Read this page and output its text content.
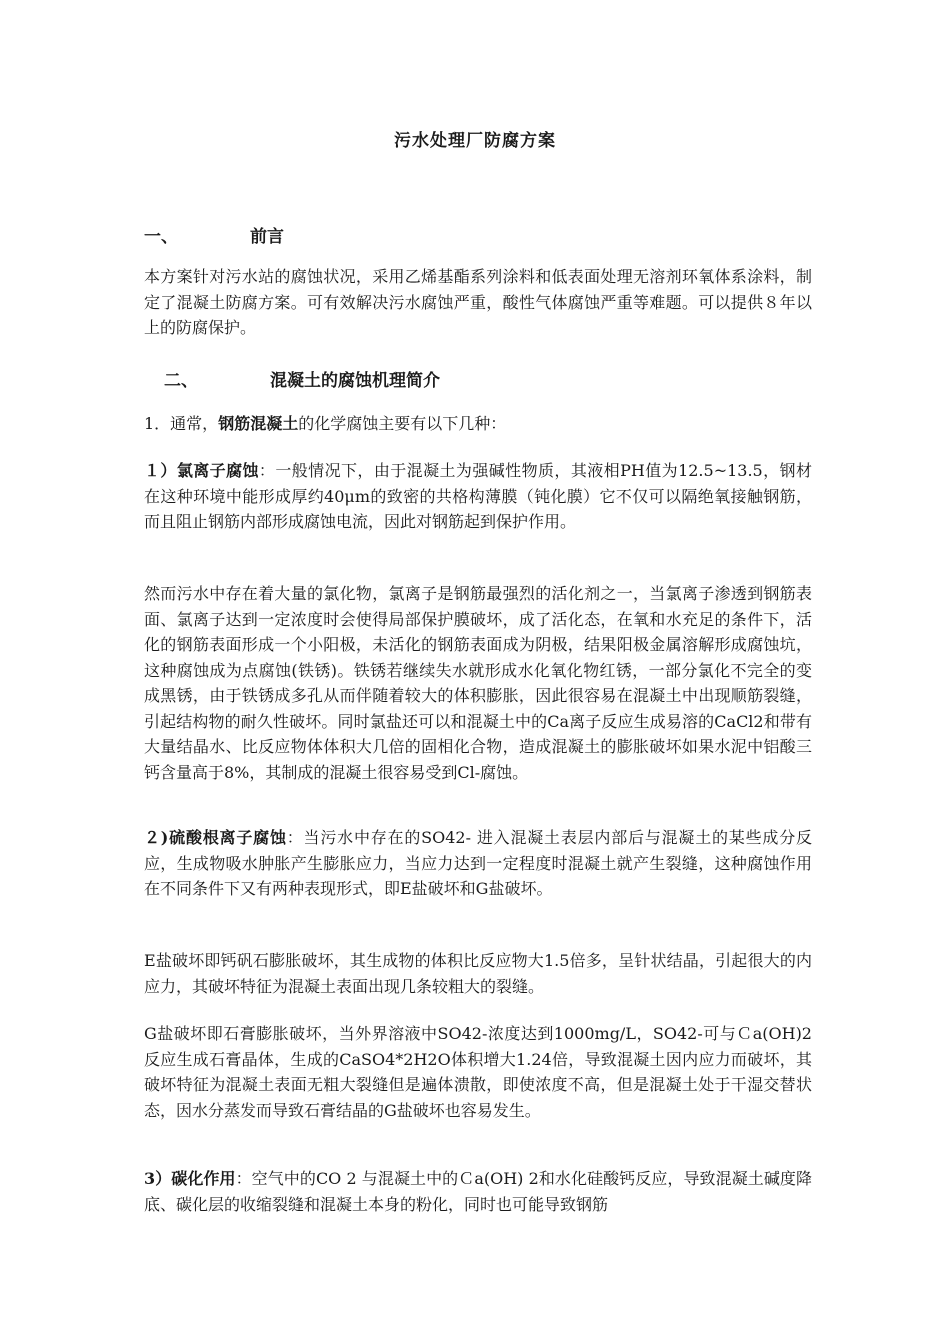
污水处理厂防腐方案
一、	前言
本方案针对污水站的腐蚀状况，采用乙烯基酯系列涂料和低表面处理无溶剂环氧体系涂料，制定了混凝土防腐方案。可有效解决污水腐蚀严重，酸性气体腐蚀严重等难题。可以提供８年以上的防腐保护。
二、	混凝土的腐蚀机理简介
1．通常，钢筋混凝土的化学腐蚀主要有以下几种：
１）氯离子腐蚀：一般情况下，由于混凝土为强碱性物质，其液相PH值为12.5~13.5，钢材在这种环境中能形成厚约40μm的致密的共格构薄膜（钝化膜）它不仅可以隔绝氧接触钢筋，而且阻止钢筋内部形成腐蚀电流，因此对钢筋起到保护作用。
然而污水中存在着大量的氯化物，氯离子是钢筋最强烈的活化剂之一，当氯离子渗透到钢筋表面、氯离子达到一定浓度时会使得局部保护膜破坏，成了活化态，在氧和水充足的条件下，活化的钢筋表面形成一个小阳极，未活化的钢筋表面成为阴极，结果阳极金属溶解形成腐蚀坑，这种腐蚀成为点腐蚀(铁锈)。铁锈若继续失水就形成水化氧化物红锈，一部分氯化不完全的变成黑锈，由于铁锈成多孔从而伴随着较大的体积膨胀，因此很容易在混凝土中出现顺筋裂缝，引起结构物的耐久性破坏。同时氯盐还可以和混凝土中的Ca离子反应生成易溶的CaCl2和带有大量结晶水、比反应物体体积大几倍的固相化合物，造成混凝土的膨胀破坏如果水泥中铝酸三钙含量高于8%，其制成的混凝土很容易受到Cl-腐蚀。
２)硫酸根离子腐蚀：当污水中存在的SO42- 进入混凝土表层内部后与混凝土的某些成分反应，生成物吸水肿胀产生膨胀应力，当应力达到一定程度时混凝土就产生裂缝，这种腐蚀作用在不同条件下又有两种表现形式，即E盐破坏和G盐破坏。
E盐破坏即钙矾石膨胀破坏，其生成物的体积比反应物大1.5倍多，呈针状结晶，引起很大的内应力，其破坏特征为混凝土表面出现几条较粗大的裂缝。
G盐破坏即石膏膨胀破坏，当外界溶液中SO42-浓度达到1000mg/L，SO42-可与Ｃa(OH)2反应生成石膏晶体，生成的CaSO4*2H2O体积增大1.24倍，导致混凝土因内应力而破坏，其破坏特征为混凝土表面无粗大裂缝但是遍体溃散，即使浓度不高，但是混凝土处于干湿交替状态，因水分蒸发而导致石膏结晶的G盐破坏也容易发生。
3）碳化作用：空气中的CO 2 与混凝土中的Ｃa(OH) 2和水化硅酸钙反应，导致混凝土碱度降底、碳化层的收缩裂缝和混凝土本身的粉化，同时也可能导致钢筋
